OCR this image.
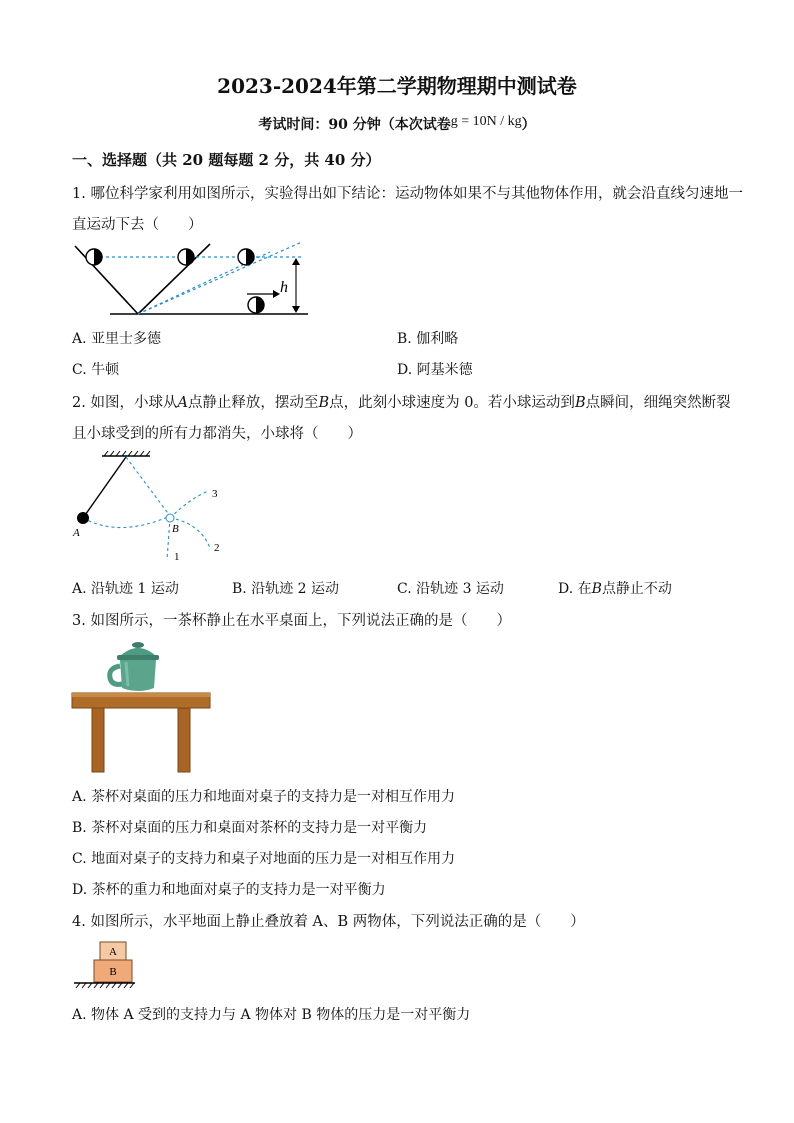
2023-2024年第二学期物理期中测试卷
考试时间：90 分钟（本次试卷g = 10N / kg）
一、选择题（共 20 题每题 2 分，共 40 分）
1. 哪位科学家利用如图所示，实验得出如下结论：运动物体如果不与其他物体作用，就会沿直线匀速地一
直运动下去（　　）
h
A. 亚里士多德	B. 伽利略
C. 牛顿	D. 阿基米德
2. 如图，小球从A点静止释放，摆动至B点，此刻小球速度为 0。若小球运动到B点瞬间，细绳突然断裂
且小球受到的所有力都消失，小球将（　　）
A	B
1
2
3
A. 沿轨迹 1 运动	B. 沿轨迹 2 运动	C. 沿轨迹 3 运动	D. 在B点静止不动
3. 如图所示，一茶杯静止在水平桌面上，下列说法正确的是（　　）
A. 茶杯对桌面的压力和地面对桌子的支持力是一对相互作用力
B. 茶杯对桌面的压力和桌面对茶杯的支持力是一对平衡力
C. 地面对桌子的支持力和桌子对地面的压力是一对相互作用力
D. 茶杯的重力和地面对桌子的支持力是一对平衡力
4. 如图所示，水平地面上静止叠放着 A、B 两物体，下列说法正确的是（　　）
A
B
A. 物体 A 受到的支持力与 A 物体对 B 物体的压力是一对平衡力
